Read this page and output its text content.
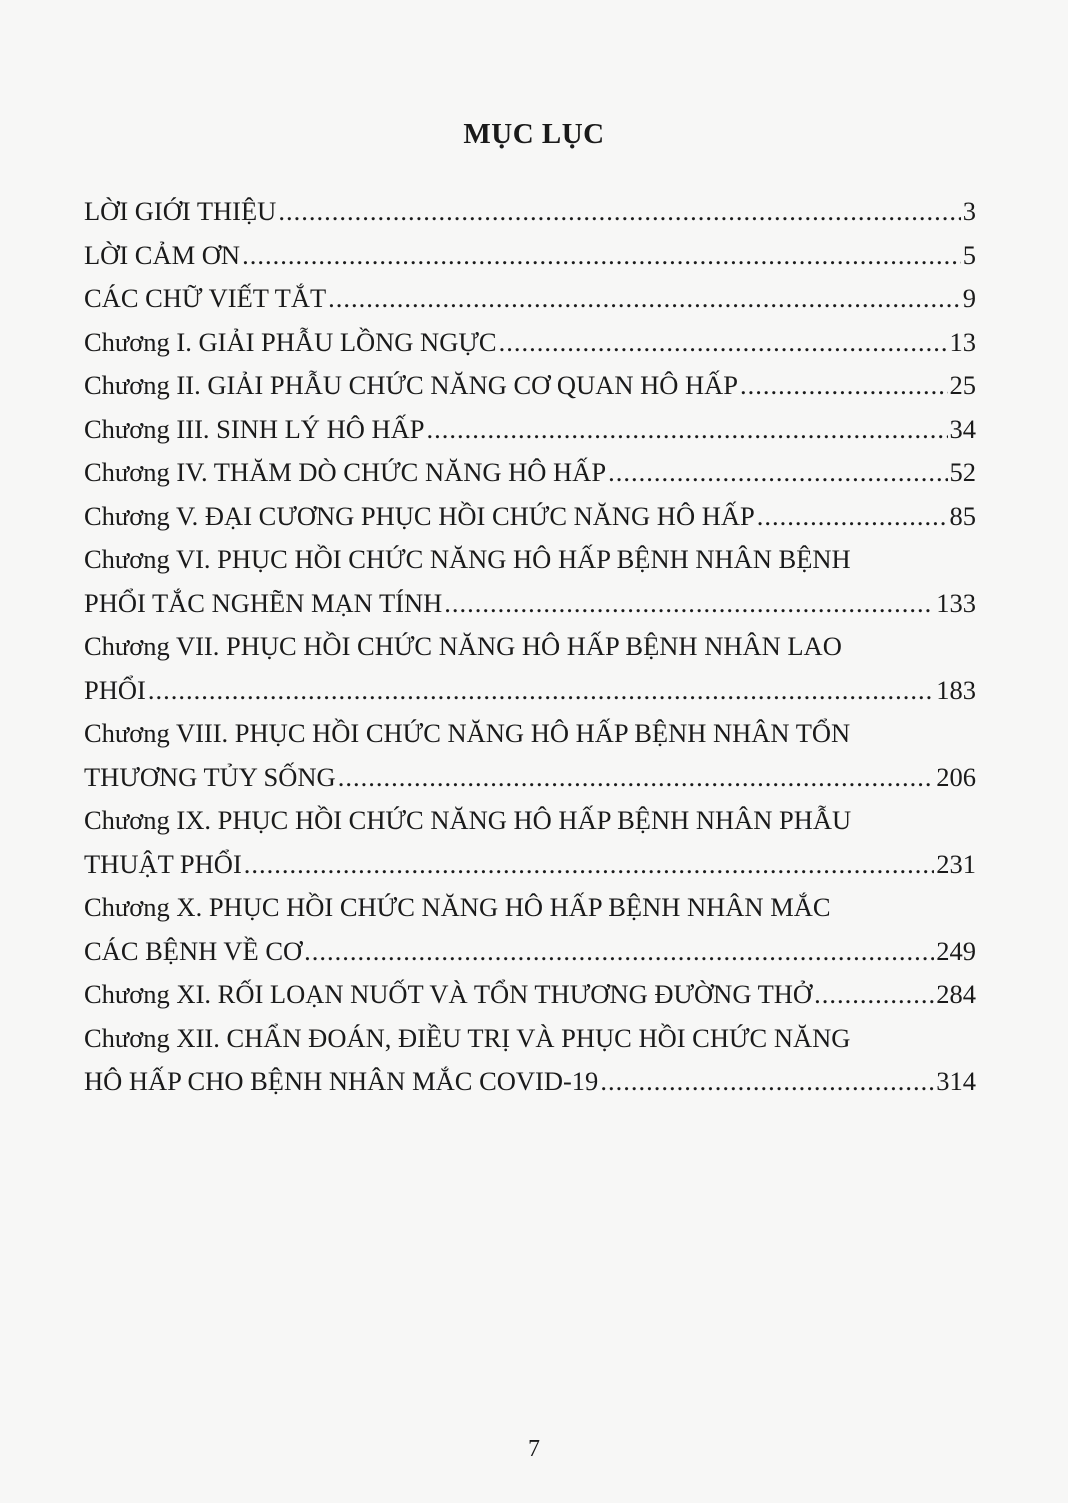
MỤC LỤC
LỜI GIỚI THIỆU .....	3
LỜI CẢM ƠN .....	5
CÁC CHỮ VIẾT TẮT .....	9
Chương I. GIẢI PHẪU LỒNG NGỰC .....	13
Chương II. GIẢI PHẪU CHỨC NĂNG CƠ QUAN HÔ HẤP .....	25
Chương III. SINH LÝ HÔ HẤP .....	34
Chương IV. THĂM DÒ CHỨC NĂNG HÔ HẤP .....	52
Chương V. ĐẠI CƯƠNG PHỤC HỒI CHỨC NĂNG HÔ HẤP .....	85
Chương VI. PHỤC HỒI CHỨC NĂNG HÔ HẤP BỆNH NHÂN BỆNH
PHỔI TẮC NGHẼN MẠN TÍNH .....	133
Chương VII. PHỤC HỒI CHỨC NĂNG HÔ HẤP BỆNH NHÂN LAO
PHỔI .....	183
Chương VIII. PHỤC HỒI CHỨC NĂNG HÔ HẤP BỆNH NHÂN TỔN
THƯƠNG TỦY SỐNG .....	206
Chương IX. PHỤC HỒI CHỨC NĂNG HÔ HẤP BỆNH NHÂN PHẪU
THUẬT PHỔI .....	231
Chương X. PHỤC HỒI CHỨC NĂNG HÔ HẤP BỆNH NHÂN MẮC
CÁC BỆNH VỀ CƠ .....	249
Chương XI. RỐI LOẠN NUỐT VÀ TỔN THƯƠNG ĐƯỜNG THỞ .....	284
Chương XII. CHẨN ĐOÁN, ĐIỀU TRỊ VÀ PHỤC HỒI CHỨC NĂNG
HÔ HẤP CHO BỆNH NHÂN MẮC COVID-19 .....	314
7
